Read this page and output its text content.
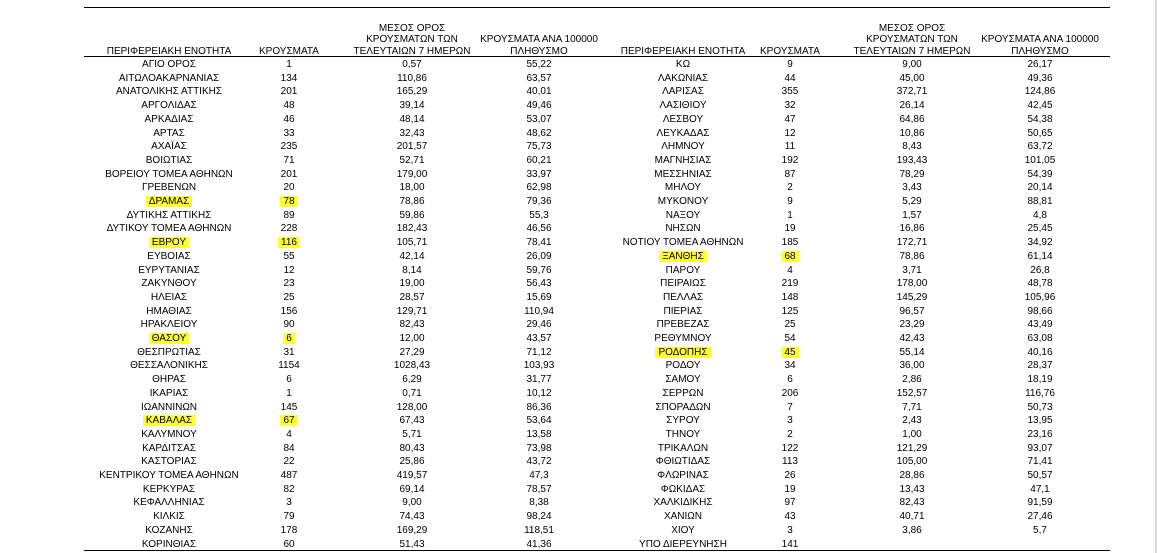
ΠΕΡΙΦΕΡΕΙΑΚΗ ΕΝΟΤΗΤΑ	ΚΡΟΥΣΜΑΤΑ
ΜΕΣΟΣ ΟΡΟΣ ΚΡΟΥΣΜΑΤΩΝ ΤΩΝ ΤΕΛΕΥΤΑΙΩΝ 7 ΗΜΕΡΩΝ
ΚΡΟΥΣΜΑΤΑ ΑΝΑ 100000 ΠΛΗΘΥΣΜΟ	ΠΕΡΙΦΕΡΕΙΑΚΗ ΕΝΟΤΗΤΑ	ΚΡΟΥΣΜΑΤΑ
ΜΕΣΟΣ ΟΡΟΣ ΚΡΟΥΣΜΑΤΩΝ ΤΩΝ ΤΕΛΕΥΤΑΙΩΝ 7 ΗΜΕΡΩΝ
ΚΡΟΥΣΜΑΤΑ ΑΝΑ 100000 ΠΛΗΘΥΣΜΟ
ΑΓΙΟ ΟΡΟΣ	1	0,57	55,22	ΚΩ	9	9,00	26,17
ΑΙΤΩΛΟΑΚΑΡΝΑΝΙΑΣ	134	110,86	63,57	ΛΑΚΩΝΙΑΣ	44	45,00	49,36
ΑΝΑΤΟΛΙΚΗΣ ΑΤΤΙΚΗΣ	201	165,29	40,01	ΛΑΡΙΣΑΣ	355	372,71	124,86
ΑΡΓΟΛΙΔΑΣ	48	39,14	49,46	ΛΑΣΙΘΙΟΥ	32	26,14	42,45
ΑΡΚΑΔΙΑΣ	46	48,14	53,07	ΛΕΣΒΟΥ	47	64,86	54,38
ΑΡΤΑΣ	33	32,43	48,62	ΛΕΥΚΑΔΑΣ	12	10,86	50,65
ΑΧΑΪΑΣ	235	201,57	75,73	ΛΗΜΝΟΥ	11	8,43	63,72
ΒΟΙΩΤΙΑΣ	71	52,71	60,21	ΜΑΓΝΗΣΙΑΣ	192	193,43	101,05
ΒΟΡΕΙΟΥ ΤΟΜΕΑ ΑΘΗΝΩΝ	201	179,00	33,97	ΜΕΣΣΗΝΙΑΣ	87	78,29	54,39
ΓΡΕΒΕΝΩΝ	20	18,00	62,98	ΜΗΛΟΥ	2	3,43	20,14
ΔΡΑΜΑΣ	78	78,86	79,36	ΜΥΚΟΝΟΥ	9	5,29	88,81
ΔΥΤΙΚΗΣ ΑΤΤΙΚΗΣ	89	59,86	55,3	ΝΑΞΟΥ	1	1,57	4,8
ΔΥΤΙΚΟΥ ΤΟΜΕΑ ΑΘΗΝΩΝ	228	182,43	46,56	ΝΗΣΩΝ	19	16,86	25,45
ΕΒΡΟΥ	116	105,71	78,41	ΝΟΤΙΟΥ ΤΟΜΕΑ ΑΘΗΝΩΝ	185	172,71	34,92
ΕΥΒΟΙΑΣ	55	42,14	26,09	ΞΑΝΘΗΣ	68	78,86	61,14
ΕΥΡΥΤΑΝΙΑΣ	12	8,14	59,76	ΠΑΡΟΥ	4	3,71	26,8
ΖΑΚΥΝΘΟΥ	23	19,00	56,43	ΠΕΙΡΑΙΩΣ	219	178,00	48,78
ΗΛΕΙΑΣ	25	28,57	15,69	ΠΕΛΛΑΣ	148	145,29	105,96
ΗΜΑΘΙΑΣ	156	129,71	110,94	ΠΙΕΡΙΑΣ	125	96,57	98,66
ΗΡΑΚΛΕΙΟΥ	90	82,43	29,46	ΠΡΕΒΕΖΑΣ	25	23,29	43,49
ΘΑΣΟΥ	6	12,00	43,57	ΡΕΘΥΜΝΟΥ	54	42,43	63,08
ΘΕΣΠΡΩΤΙΑΣ	31	27,29	71,12	ΡΟΔΟΠΗΣ	45	55,14	40,16
ΘΕΣΣΑΛΟΝΙΚΗΣ	1154	1028,43	103,93	ΡΟΔΟΥ	34	36,00	28,37
ΘΗΡΑΣ	6	6,29	31,77	ΣΑΜΟΥ	6	2,86	18,19
ΙΚΑΡΙΑΣ	1	0,71	10,12	ΣΕΡΡΩΝ	206	152,57	116,76
ΙΩΑΝΝΙΝΩΝ	145	128,00	86,36	ΣΠΟΡΑΔΩΝ	7	7,71	50,73
ΚΑΒΑΛΑΣ	67	67,43	53,64	ΣΥΡΟΥ	3	2,43	13,95
ΚΑΛΥΜΝΟΥ	4	5,71	13,58	ΤΗΝΟΥ	2	1,00	23,16
ΚΑΡΔΙΤΣΑΣ	84	80,43	73,98	ΤΡΙΚΑΛΩΝ	122	121,29	93,07
ΚΑΣΤΟΡΙΑΣ	22	25,86	43,72	ΦΘΙΩΤΙΔΑΣ	113	105,00	71,41
ΚΕΝΤΡΙΚΟΥ ΤΟΜΕΑ ΑΘΗΝΩΝ	487	419,57	47,3	ΦΛΩΡΙΝΑΣ	26	28,86	50,57
ΚΕΡΚΥΡΑΣ	82	69,14	78,57	ΦΩΚΙΔΑΣ	19	13,43	47,1
ΚΕΦΑΛΛΗΝΙΑΣ	3	9,00	8,38	ΧΑΛΚΙΔΙΚΗΣ	97	82,43	91,59
ΚΙΛΚΙΣ	79	74,43	98,24	ΧΑΝΙΩΝ	43	40,71	27,46
ΚΟΖΑΝΗΣ	178	169,29	118,51	ΧΙΟΥ	3	3,86	5,7
ΚΟΡΙΝΘΙΑΣ	60	51,43	41,36	ΥΠΟ ΔΙΕΡΕΥΝΗΣΗ	141
